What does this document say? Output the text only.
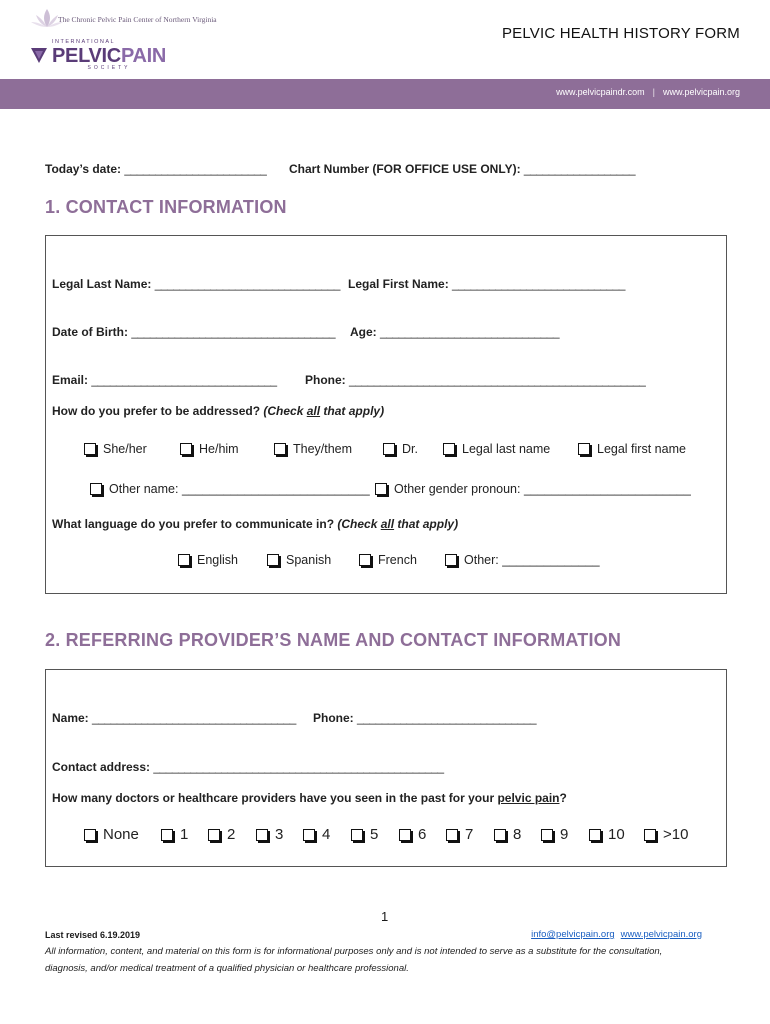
The Chronic Pelvic Pain Center of Northern Virginia
INTERNATIONAL
PELVICPAIN
SOCIETY
PELVIC HEALTH HISTORY FORM
www.pelvicpaindr.com | www.pelvicpain.org
Today’s date: _______________________ Chart Number (FOR OFFICE USE ONLY): __________________
1. CONTACT INFORMATION
Legal Last Name: ______________________________ Legal First Name: ____________________________
Date of Birth: _________________________________ Age: _____________________________
Email: ______________________________ Phone: ________________________________________________
How do you prefer to be addressed? (Check all that apply)
She/her	He/him	They/them	Dr.	Legal last name	Legal first name
Other name: ___________________________ Other gender pronoun: ________________________
What language do you prefer to communicate in? (Check all that apply)
English	Spanish	French	Other: ______________
2. REFERRING PROVIDER’S NAME AND CONTACT INFORMATION
Name: _________________________________ Phone: _____________________________
Contact address: _______________________________________________
How many doctors or healthcare providers have you seen in the past for your pelvic pain?
None	1	2	3	4	5	6	7	8	9	10	>10
1
Last revised 6.19.2019	info@pelvicpain.org www.pelvicpain.org
All information, content, and material on this form is for informational purposes only and is not intended to serve as a substitute for the consultation, diagnosis, and/or medical treatment of a qualified physician or healthcare professional.
